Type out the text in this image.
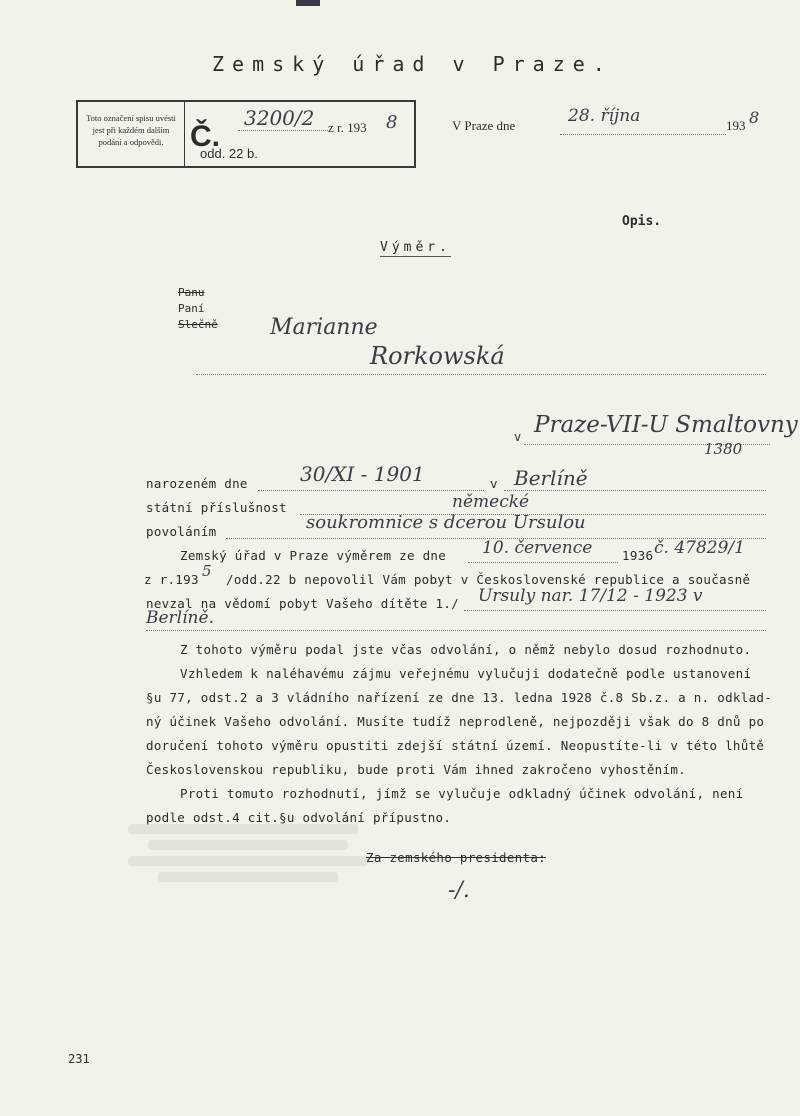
Zemský úřad v Praze.
Toto označení spisu uvésti jest při každém dalším podání a odpovědi. Č.
3200/2 z r. 193 8
odd. 22 b.
V Praze dne	28. října	193 8
Opis.
Výměr.
Panu
Paní
Slečně Marianne
Rorkowská
v Praze-VII-U Smaltovny
1380
narozeném dne	30/XI - 1901	v Berlíně
státní příslušnost	německé
povoláním	soukromnice s dcerou Ursulou
Zemský úřad v Praze výměrem ze dne 10. července 1936 č. 47829/1
z r.193 5 /odd.22 b nepovolil Vám pobyt v Československé republice a současně
nevzal na vědomí pobyt Vašeho dítěte 1./ Ursuly nar. 17/12 - 1923 v
Berlíně.
Z tohoto výměru podal jste včas odvolání, o němž nebylo dosud rozhodnuto.
Vzhledem k naléhavému zájmu veřejnému vylučuji dodatečně podle ustanovení
§u 77, odst.2 a 3 vládního nařízení ze dne 13. ledna 1928 č.8 Sb.z. a n. odklad-
ný účinek Vašeho odvolání. Musíte tudíž neprodleně, nejpozději však do 8 dnů po
doručení tohoto výměru opustiti zdejší státní území. Neopustíte-li v této lhůtě
Československou republiku, bude proti Vám ihned zakročeno vyhostěním.
Proti tomuto rozhodnutí, jímž se vylučuje odkladný účinek odvolání, není
podle odst.4 cit.§u odvolání přípustno.
Za zemského presidenta:
-/.
231
